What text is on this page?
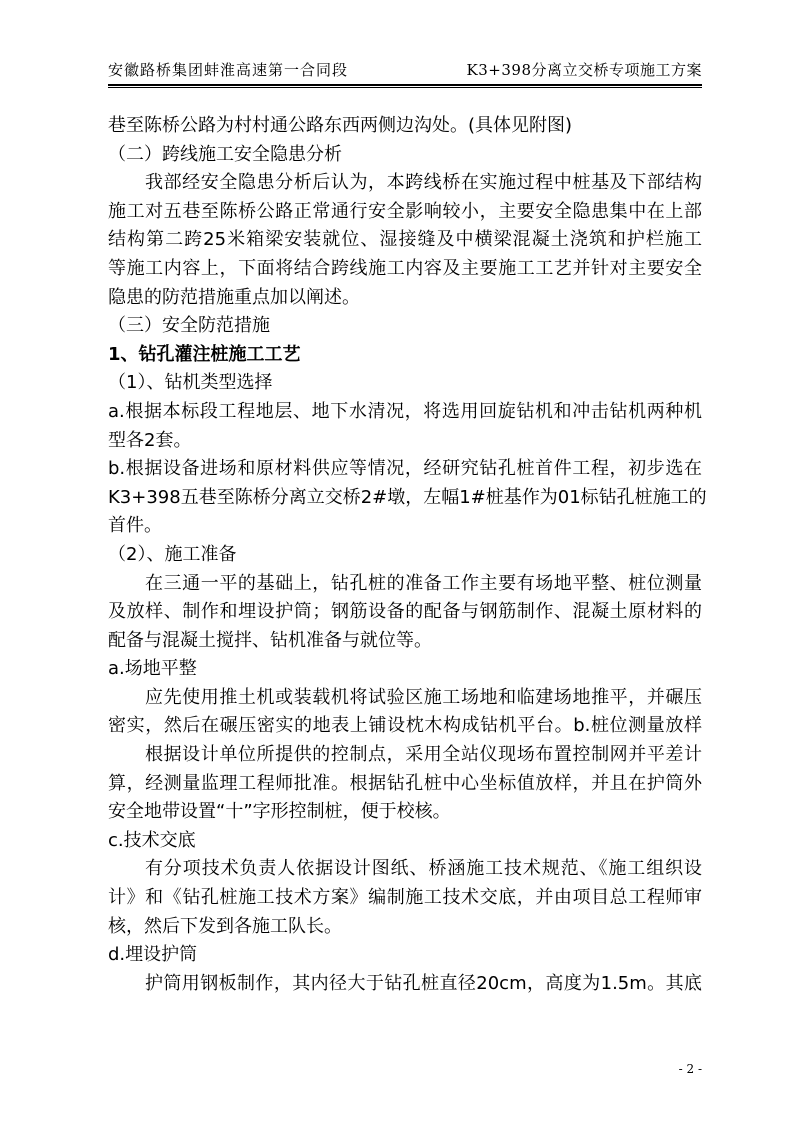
安徽路桥集团蚌淮高速第一合同段	K3+398分离立交桥专项施工方案
巷至陈桥公路为村村通公路东西两侧边沟处。(具体见附图)
（二）跨线施工安全隐患分析
我部经安全隐患分析后认为，本跨线桥在实施过程中桩基及下部结构
施工对五巷至陈桥公路正常通行安全影响较小，主要安全隐患集中在上部
结构第二跨25米箱梁安装就位、湿接缝及中横梁混凝土浇筑和护栏施工
等施工内容上，下面将结合跨线施工内容及主要施工工艺并针对主要安全
隐患的防范措施重点加以阐述。
（三）安全防范措施
1、钻孔灌注桩施工工艺
（1）、钻机类型选择
a.根据本标段工程地层、地下水清况，将选用回旋钻机和冲击钻机两种机
型各2套。
b.根据设备进场和原材料供应等情况，经研究钻孔桩首件工程，初步选在
K3+398五巷至陈桥分离立交桥2#墩，左幅1#桩基作为01标钻孔桩施工的
首件。
（2）、施工准备
在三通一平的基础上，钻孔桩的准备工作主要有场地平整、桩位测量
及放样、制作和埋设护筒；钢筋设备的配备与钢筋制作、混凝土原材料的
配备与混凝土搅拌、钻机准备与就位等。
a.场地平整
应先使用推土机或装载机将试验区施工场地和临建场地推平，并碾压
密实，然后在碾压密实的地表上铺设枕木构成钻机平台。b.桩位测量放样
根据设计单位所提供的控制点，采用全站仪现场布置控制网并平差计
算，经测量监理工程师批准。根据钻孔桩中心坐标值放样，并且在护筒外
安全地带设置“十”字形控制桩，便于校核。
c.技术交底
有分项技术负责人依据设计图纸、桥涵施工技术规范、《施工组织设
计》和《钻孔桩施工技术方案》编制施工技术交底，并由项目总工程师审
核，然后下发到各施工队长。
d.埋设护筒
护筒用钢板制作，其内径大于钻孔桩直径20cm，高度为1.5m。其底
- 2 -
